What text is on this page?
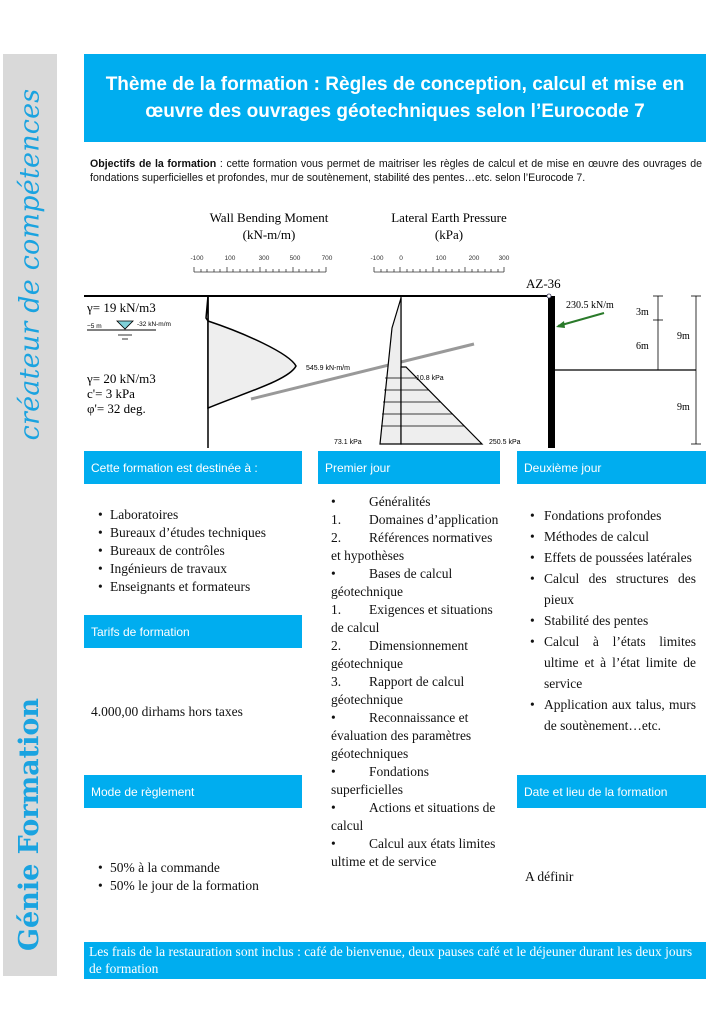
créateur de compétences
Génie Formation
Thème de la formation : Règles de conception, calcul et mise en œuvre des ouvrages géotechniques selon l’Eurocode 7
Objectifs de la formation : cette formation vous permet de maitriser les règles de calcul et de mise en œuvre des ouvrages de fondations superficielles et profondes, mur de soutènement, stabilité des pentes…etc. selon l’Eurocode 7.
Wall Bending Moment
(kN-m/m)
Lateral Earth Pressure
(kPa)
-100	100	300	500	700	-100 0	100	200	300
γ= 19 kN/m3
−5 m	-32 kN-m/m
γ= 20 kN/m3
c'= 3 kPa
φ'= 32 deg.
545.9 kN-m/m
10.8 kPa
73.1 kPa	250.5 kPa
AZ-36
230.5 kN/m
3m
6m
9m
9m
Cette formation est destinée à :
• Laboratoires
• Bureaux d’études techniques
• Bureaux de contrôles
• Ingénieurs de travaux
• Enseignants et formateurs
Tarifs de formation
4.000,00 dirhams hors taxes
Mode de règlement
• 50% à la commande
• 50% le jour de la formation
Premier jour
• Généralités
1. Domaines d’application
2. Références normatives et hypothèses
• Bases de calcul géotechnique
1. Exigences et situations de calcul
2. Dimensionnement géotechnique
3. Rapport de calcul géotechnique
• Reconnaissance et évaluation des paramètres géotechniques
• Fondations superficielles
• Actions et situations de calcul
• Calcul aux états limites ultime et de service
Deuxième jour
• Fondations profondes
• Méthodes de calcul
• Effets de poussées latérales
• Calcul des structures des pieux
• Stabilité des pentes
• Calcul à l’états limites ultime et à l’état limite de service
• Application aux talus, murs de soutènement…etc.
Date et lieu de la formation
A définir
Les frais de la restauration sont inclus : café de bienvenue, deux pauses café et le déjeuner durant les deux jours de formation
